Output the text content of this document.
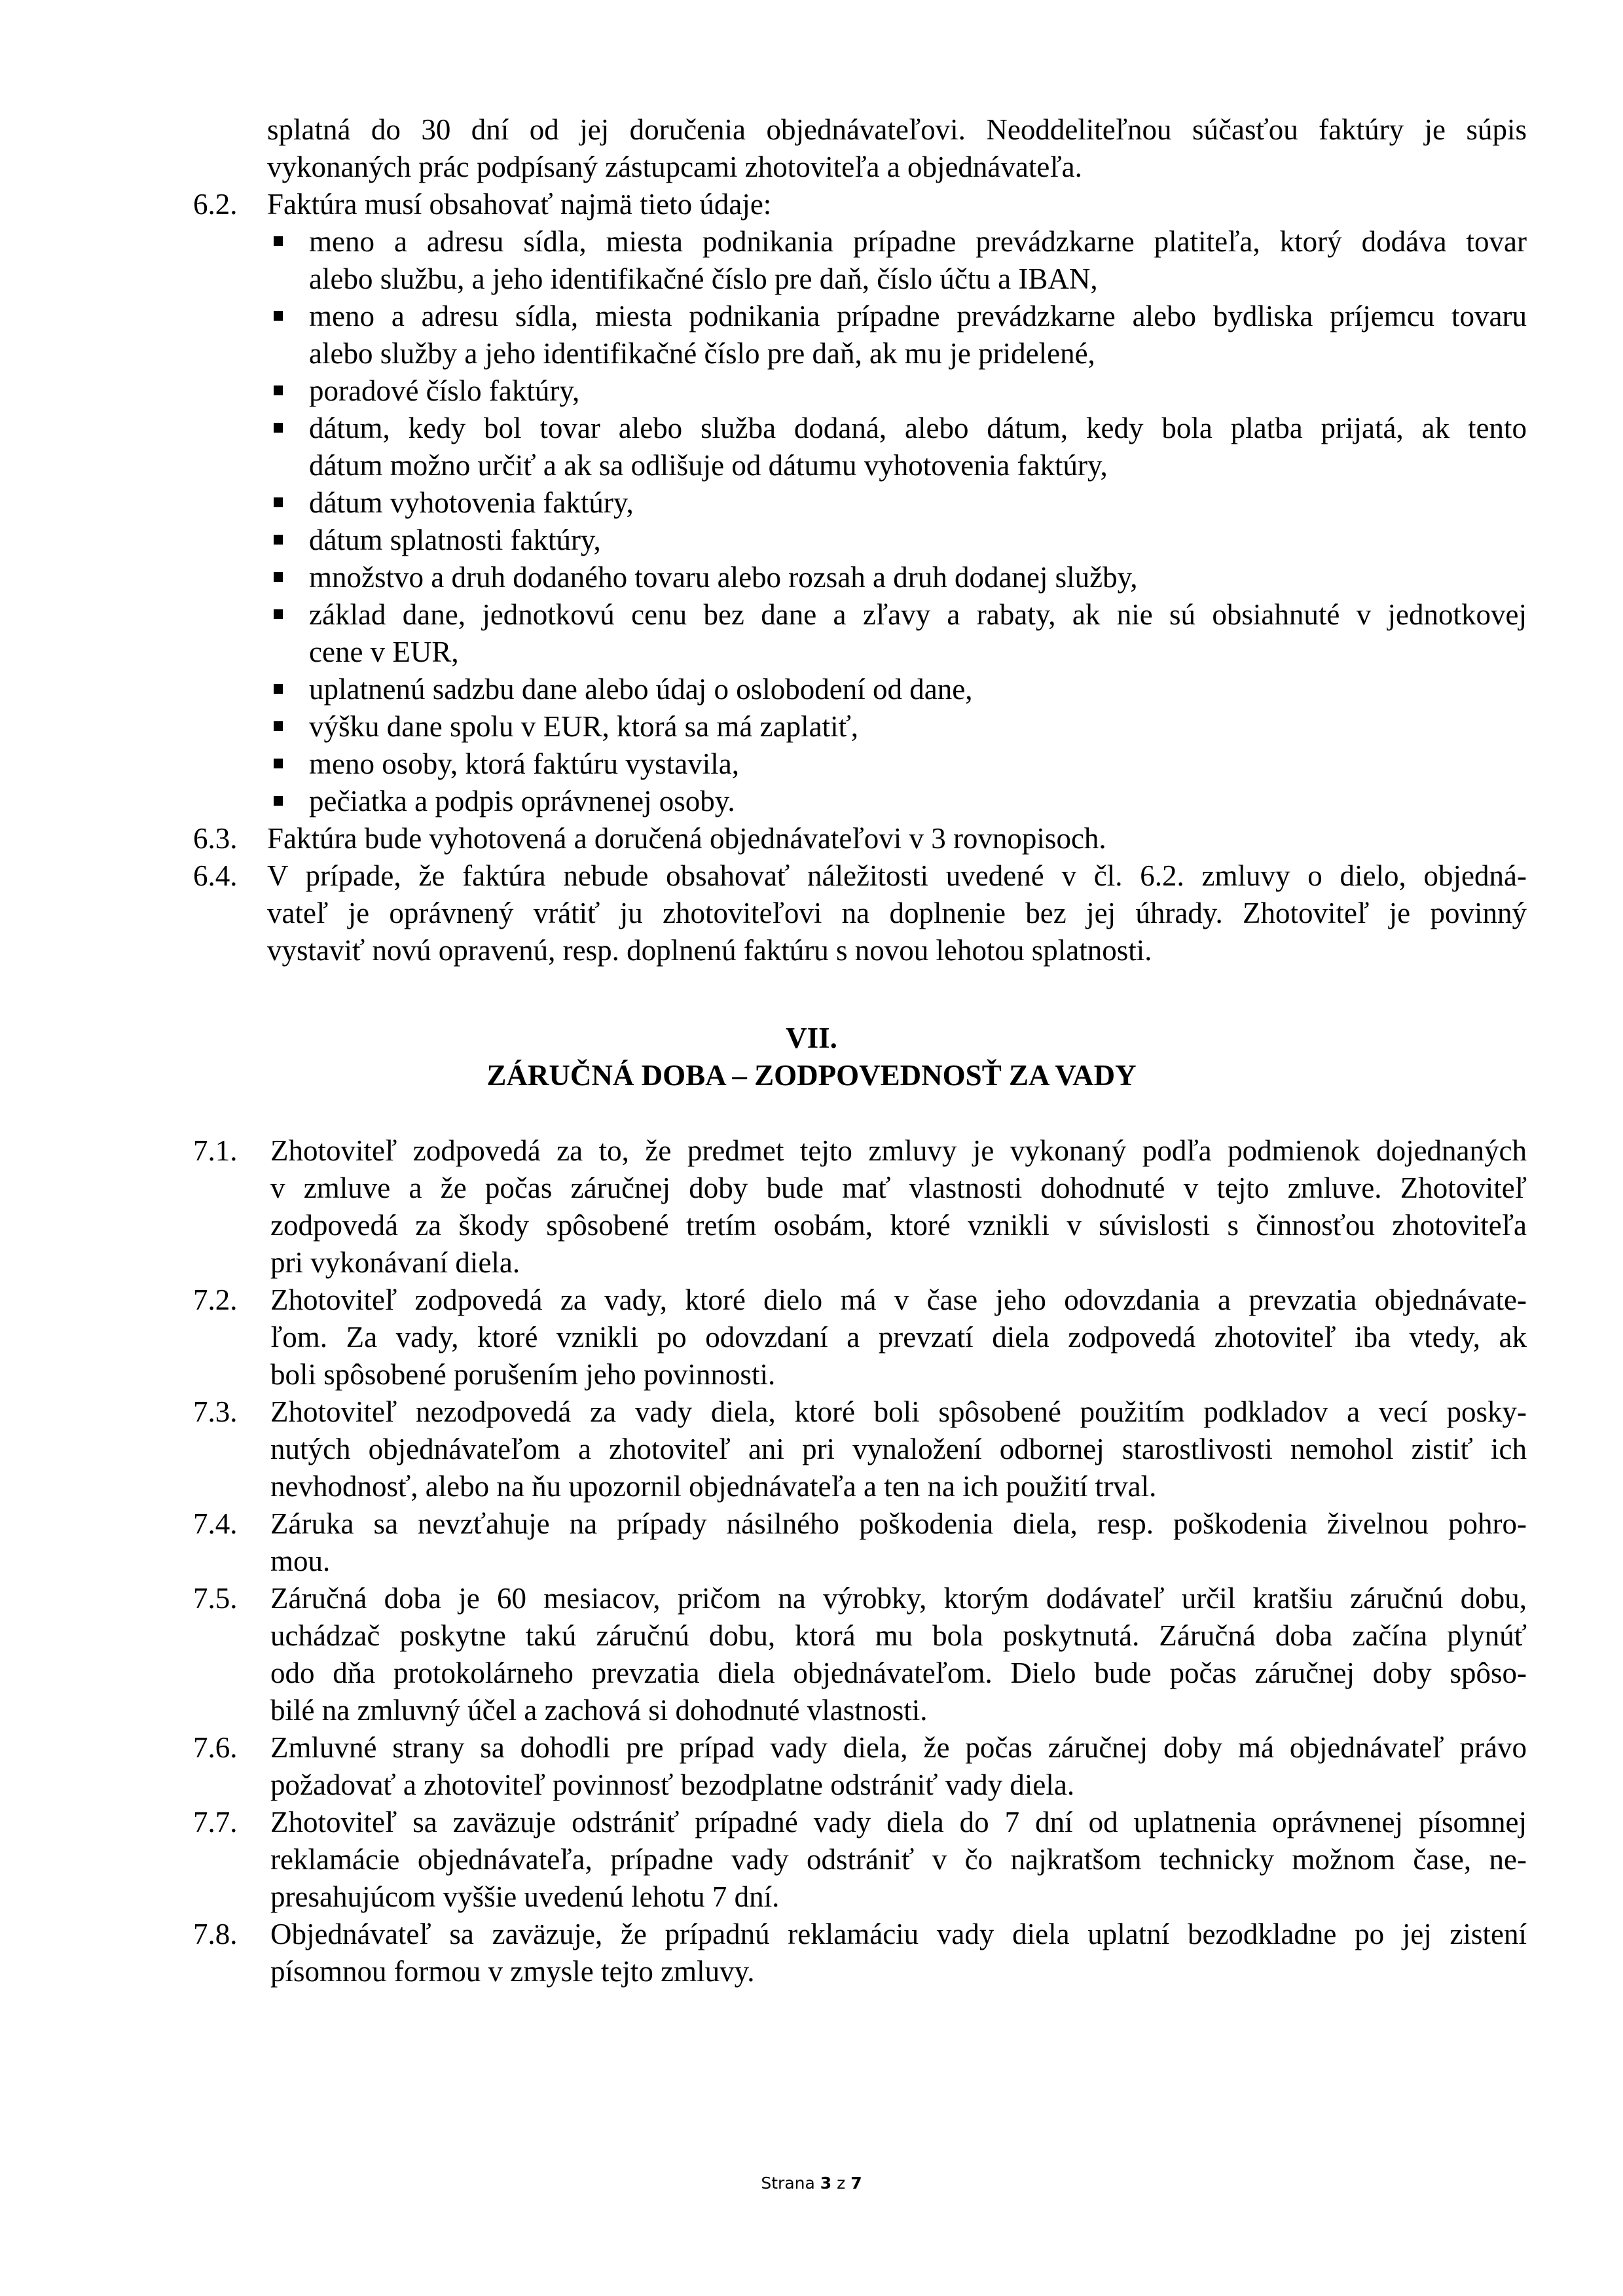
splatná do 30 dní od jej doručenia objednávateľovi. Neoddeliteľnou súčasťou faktúry je súpis
vykonaných prác podpísaný zástupcami zhotoviteľa a objednávateľa.
6.2. Faktúra musí obsahovať najmä tieto údaje:
meno a adresu sídla, miesta podnikania prípadne prevádzkarne platiteľa, ktorý dodáva tovar
alebo službu, a jeho identifikačné číslo pre daň, číslo účtu a IBAN,
meno a adresu sídla, miesta podnikania prípadne prevádzkarne alebo bydliska príjemcu tovaru
alebo služby a jeho identifikačné číslo pre daň, ak mu je pridelené,
poradové číslo faktúry,
dátum, kedy bol tovar alebo služba dodaná, alebo dátum, kedy bola platba prijatá, ak tento
dátum možno určiť a ak sa odlišuje od dátumu vyhotovenia faktúry,
dátum vyhotovenia faktúry,
dátum splatnosti faktúry,
množstvo a druh dodaného tovaru alebo rozsah a druh dodanej služby,
základ dane, jednotkovú cenu bez dane a zľavy a rabaty, ak nie sú obsiahnuté v jednotkovej
cene v EUR,
uplatnenú sadzbu dane alebo údaj o oslobodení od dane,
výšku dane spolu v EUR, ktorá sa má zaplatiť,
meno osoby, ktorá faktúru vystavila,
pečiatka a podpis oprávnenej osoby.
6.3. Faktúra bude vyhotovená a doručená objednávateľovi v 3 rovnopisoch.
6.4. V prípade, že faktúra nebude obsahovať náležitosti uvedené v čl. 6.2. zmluvy o dielo, objedná-
vateľ je oprávnený vrátiť ju zhotoviteľovi na doplnenie bez jej úhrady. Zhotoviteľ je povinný
vystaviť novú opravenú, resp. doplnenú faktúru s novou lehotou splatnosti.
VII.
ZÁRUČNÁ DOBA – ZODPOVEDNOSŤ ZA VADY
7.1. Zhotoviteľ zodpovedá za to, že predmet tejto zmluvy je vykonaný podľa podmienok dojednaných
v zmluve a že počas záručnej doby bude mať vlastnosti dohodnuté v tejto zmluve. Zhotoviteľ
zodpovedá za škody spôsobené tretím osobám, ktoré vznikli v súvislosti s činnosťou zhotoviteľa
pri vykonávaní diela.
7.2. Zhotoviteľ zodpovedá za vady, ktoré dielo má v čase jeho odovzdania a prevzatia objednávate-
ľom. Za vady, ktoré vznikli po odovzdaní a prevzatí diela zodpovedá zhotoviteľ iba vtedy, ak
boli spôsobené porušením jeho povinnosti.
7.3. Zhotoviteľ nezodpovedá za vady diela, ktoré boli spôsobené použitím podkladov a vecí posky-
nutých objednávateľom a zhotoviteľ ani pri vynaložení odbornej starostlivosti nemohol zistiť ich
nevhodnosť, alebo na ňu upozornil objednávateľa a ten na ich použití trval.
7.4. Záruka sa nevzťahuje na prípady násilného poškodenia diela, resp. poškodenia živelnou pohro-
mou.
7.5. Záručná doba je 60 mesiacov, pričom na výrobky, ktorým dodávateľ určil kratšiu záručnú dobu,
uchádzač poskytne takú záručnú dobu, ktorá mu bola poskytnutá. Záručná doba začína plynúť
odo dňa protokolárneho prevzatia diela objednávateľom. Dielo bude počas záručnej doby spôso-
bilé na zmluvný účel a zachová si dohodnuté vlastnosti.
7.6. Zmluvné strany sa dohodli pre prípad vady diela, že počas záručnej doby má objednávateľ právo
požadovať a zhotoviteľ povinnosť bezodplatne odstrániť vady diela.
7.7. Zhotoviteľ sa zaväzuje odstrániť prípadné vady diela do 7 dní od uplatnenia oprávnenej písomnej
reklamácie objednávateľa, prípadne vady odstrániť v čo najkratšom technicky možnom čase, ne-
presahujúcom vyššie uvedenú lehotu 7 dní.
7.8. Objednávateľ sa zaväzuje, že prípadnú reklamáciu vady diela uplatní bezodkladne po jej zistení
písomnou formou v zmysle tejto zmluvy.
Strana 3 z 7
